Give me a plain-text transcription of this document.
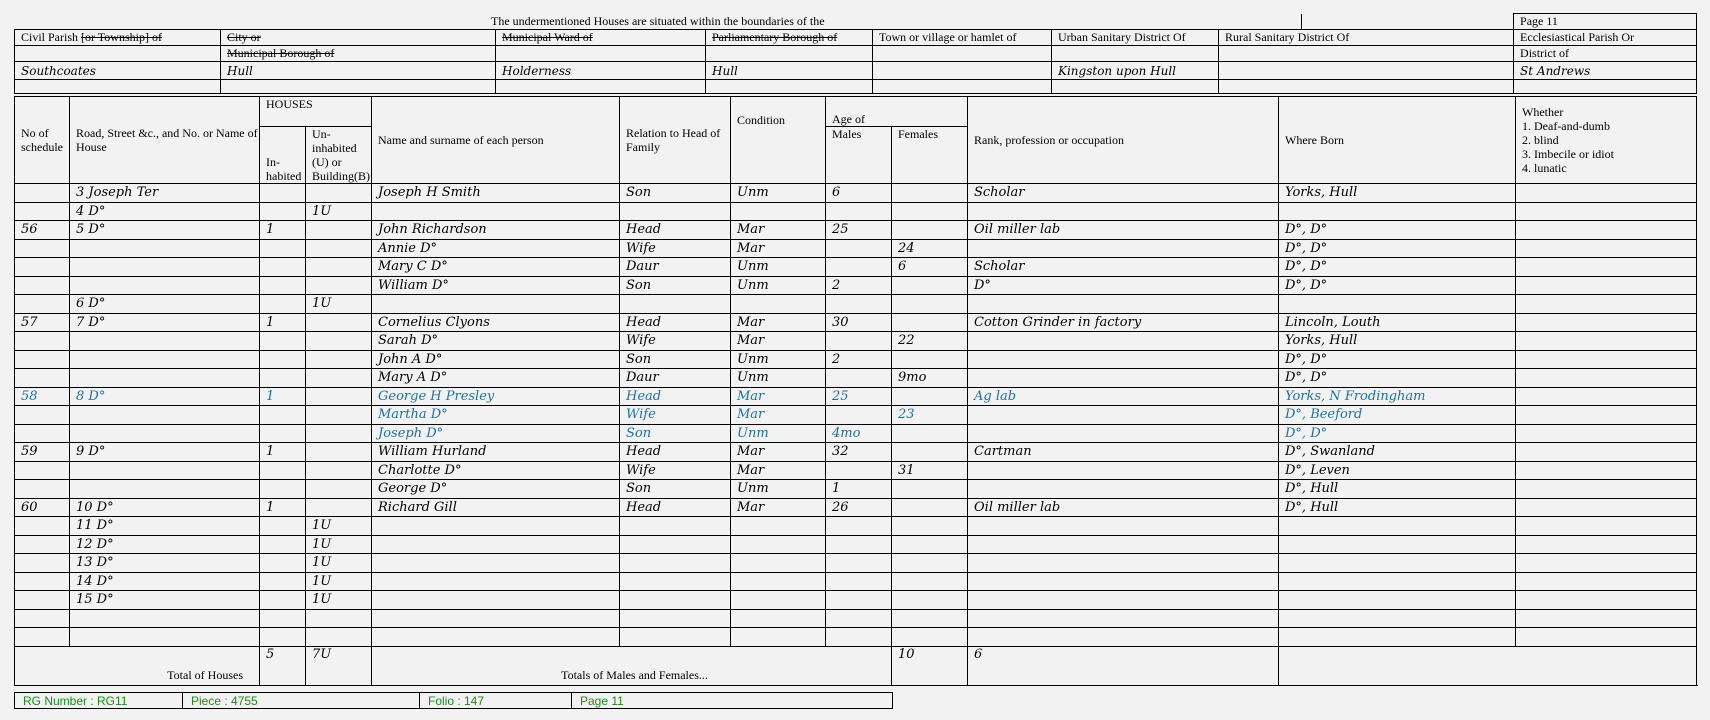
The undermentioned Houses are situated within the boundaries of the								Page 11
Civil Parish [or Township] of	City or	Municipal Ward of	Parliamentary Borough of	Town or village or hamlet of	Urban Sanitary District Of	Rural Sanitary District Of		Ecclesiastical Parish Or
	Municipal Borough of							District of
Southcoates	Hull	Holderness	Hull		Kingston upon Hull			St Andrews

No of schedule	Road, Street &c., and No. or Name of House	HOUSES		Name and surname of each person	Relation to Head of Family	Condition	Age of		Rank, profession or occupation	Where Born	Whether
1. Deaf-and-dumb
2. blind
3. Imbecile or idiot
4. lunatic

		In-habited	Un-inhabited (U) or Building(B)				Males	Females			
	3 Joseph Ter			Joseph H Smith	Son	Unm	6		Scholar	Yorks, Hull	
	4 D°		1U								
56	5 D°	1		John Richardson	Head	Mar	25		Oil miller lab	D°, D°	
				Annie D°	Wife	Mar		24		D°, D°	
				Mary C D°	Daur	Unm		6	Scholar	D°, D°	
				William D°	Son	Unm	2		D°	D°, D°	
	6 D°		1U								
57	7 D°	1		Cornelius Clyons	Head	Mar	30		Cotton Grinder in factory	Lincoln, Louth	
				Sarah D°	Wife	Mar		22		Yorks, Hull	
				John A D°	Son	Unm	2			D°, D°	
				Mary A D°	Daur	Unm		9mo		D°, D°	
58	8 D°	1		George H Presley	Head	Mar	25		Ag lab	Yorks, N Frodingham	
				Martha D°	Wife	Mar		23		D°, Beeford	
				Joseph D°	Son	Unm	4mo			D°, D°	
59	9 D°	1		William Hurland	Head	Mar	32		Cartman	D°, Swanland	
				Charlotte D°	Wife	Mar		31		D°, Leven	
				George D°	Son	Unm	1			D°, Hull	
60	10 D°	1		Richard Gill	Head	Mar	26		Oil miller lab	D°, Hull	
	11 D°		1U								
	12 D°		1U								
	13 D°		1U								
	14 D°		1U								
	15 D°		1U								

Total of Houses		5	7U	Totals of Males and Females...				10	6		
RG Number : RG11	Piece : 4755	Folio : 147	Page 11
